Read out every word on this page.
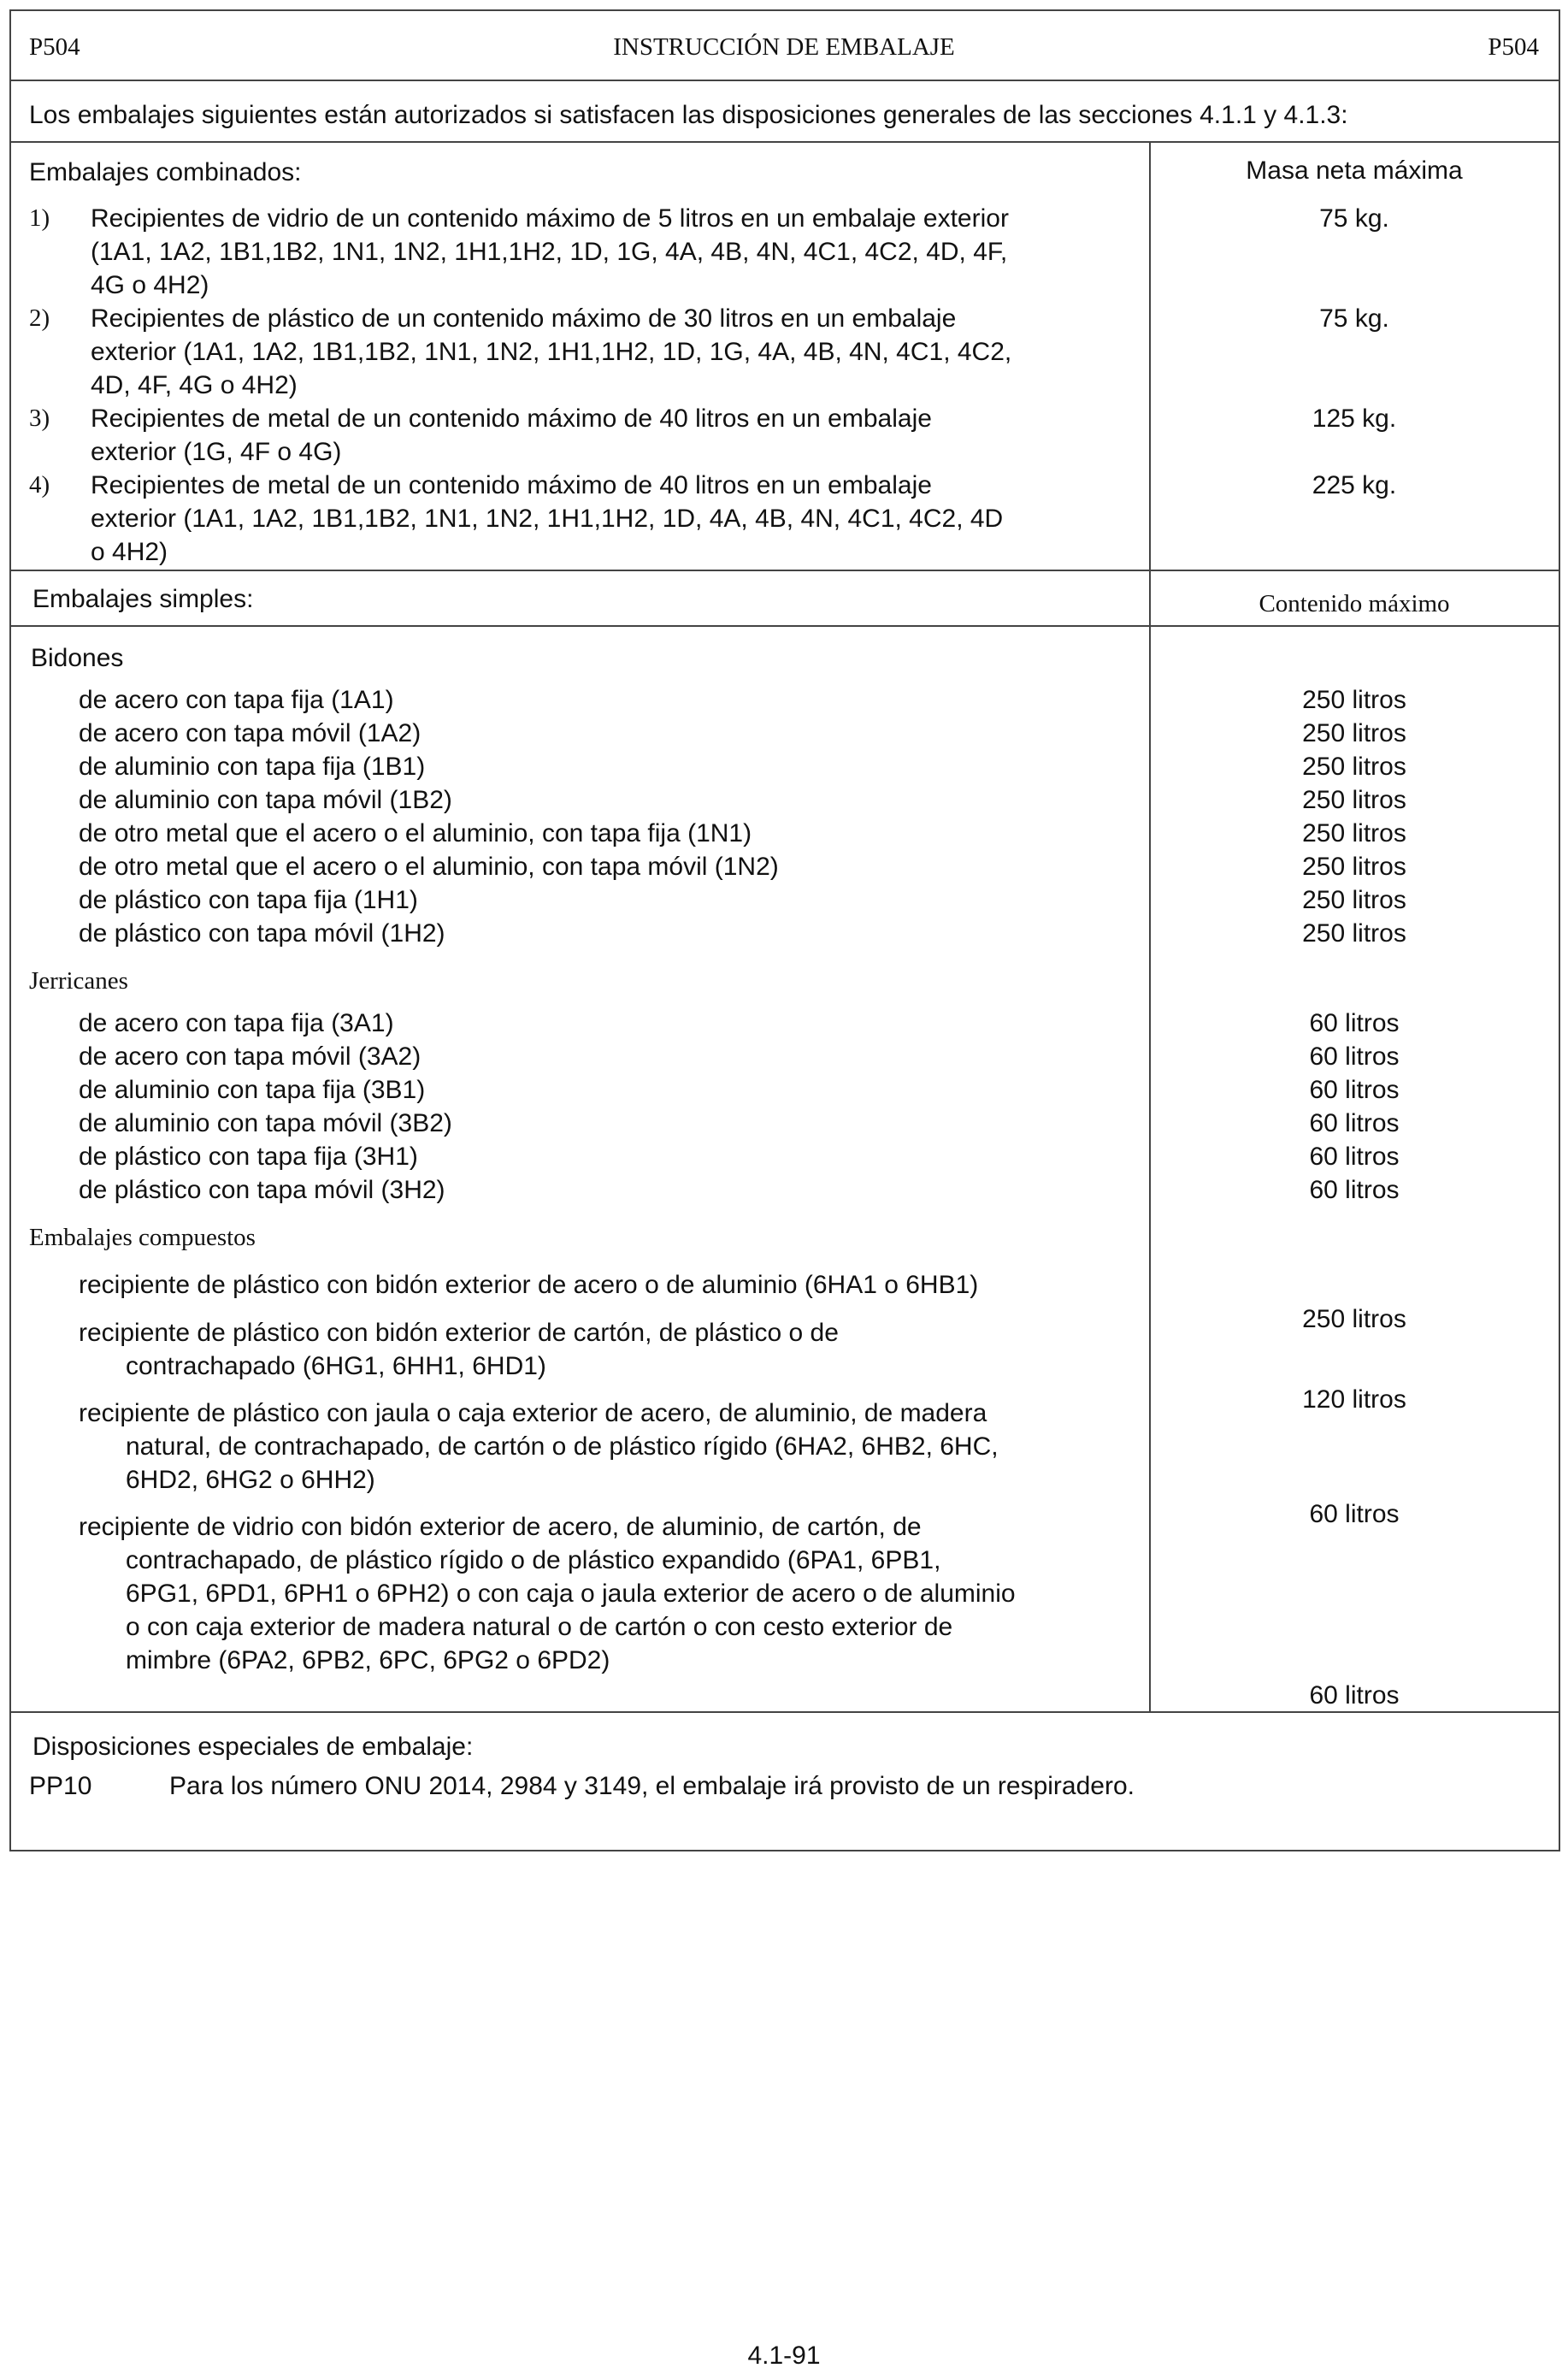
P504	INSTRUCCIÓN DE EMBALAJE	P504
Los embalajes siguientes están autorizados si satisfacen las disposiciones generales de las secciones 4.1.1 y 4.1.3:
Embalajes combinados:	Masa neta máxima
1) Recipientes de vidrio de un contenido máximo de 5 litros en un embalaje exterior
(1A1, 1A2, 1B1,1B2, 1N1, 1N2, 1H1,1H2, 1D, 1G, 4A, 4B, 4N, 4C1, 4C2, 4D, 4F,
4G o 4H2)
75 kg.
2) Recipientes de plástico de un contenido máximo de 30 litros en un embalaje
exterior (1A1, 1A2, 1B1,1B2, 1N1, 1N2, 1H1,1H2, 1D, 1G, 4A, 4B, 4N, 4C1, 4C2,
4D, 4F, 4G o 4H2)
75 kg.
3) Recipientes de metal de un contenido máximo de 40 litros en un embalaje
exterior (1G, 4F o 4G)
125 kg.
4) Recipientes de metal de un contenido máximo de 40 litros en un embalaje
exterior (1A1, 1A2, 1B1,1B2, 1N1, 1N2, 1H1,1H2, 1D, 4A, 4B, 4N, 4C1, 4C2, 4D
o 4H2)
225 kg.
Embalajes simples:	Contenido máximo
Bidones
de acero con tapa fija (1A1)	250 litros
de acero con tapa móvil (1A2)	250 litros
de aluminio con tapa fija (1B1)	250 litros
de aluminio con tapa móvil (1B2)	250 litros
de otro metal que el acero o el aluminio, con tapa fija (1N1)	250 litros
de otro metal que el acero o el aluminio, con tapa móvil (1N2)	250 litros
de plástico con tapa fija (1H1)	250 litros
de plástico con tapa móvil (1H2)	250 litros
Jerricanes
de acero con tapa fija (3A1)	60 litros
de acero con tapa móvil (3A2)	60 litros
de aluminio con tapa fija (3B1)	60 litros
de aluminio con tapa móvil (3B2)	60 litros
de plástico con tapa fija (3H1)	60 litros
de plástico con tapa móvil (3H2)	60 litros
Embalajes compuestos
recipiente de plástico con bidón exterior de acero o de aluminio (6HA1 o 6HB1)
250 litros
recipiente de plástico con bidón exterior de cartón, de plástico o de
contrachapado (6HG1, 6HH1, 6HD1)
120 litros
recipiente de plástico con jaula o caja exterior de acero, de aluminio, de madera
natural, de contrachapado, de cartón o de plástico rígido (6HA2, 6HB2, 6HC,
6HD2, 6HG2 o 6HH2)
60 litros
recipiente de vidrio con bidón exterior de acero, de aluminio, de cartón, de
contrachapado, de plástico rígido o de plástico expandido (6PA1, 6PB1,
6PG1, 6PD1, 6PH1 o 6PH2) o con caja o jaula exterior de acero o de aluminio
o con caja exterior de madera natural o de cartón o con cesto exterior de
mimbre (6PA2, 6PB2, 6PC, 6PG2 o 6PD2)
60 litros
Disposiciones especiales de embalaje:
PP10	Para los número ONU 2014, 2984 y 3149, el embalaje irá provisto de un respiradero.
4.1-91
